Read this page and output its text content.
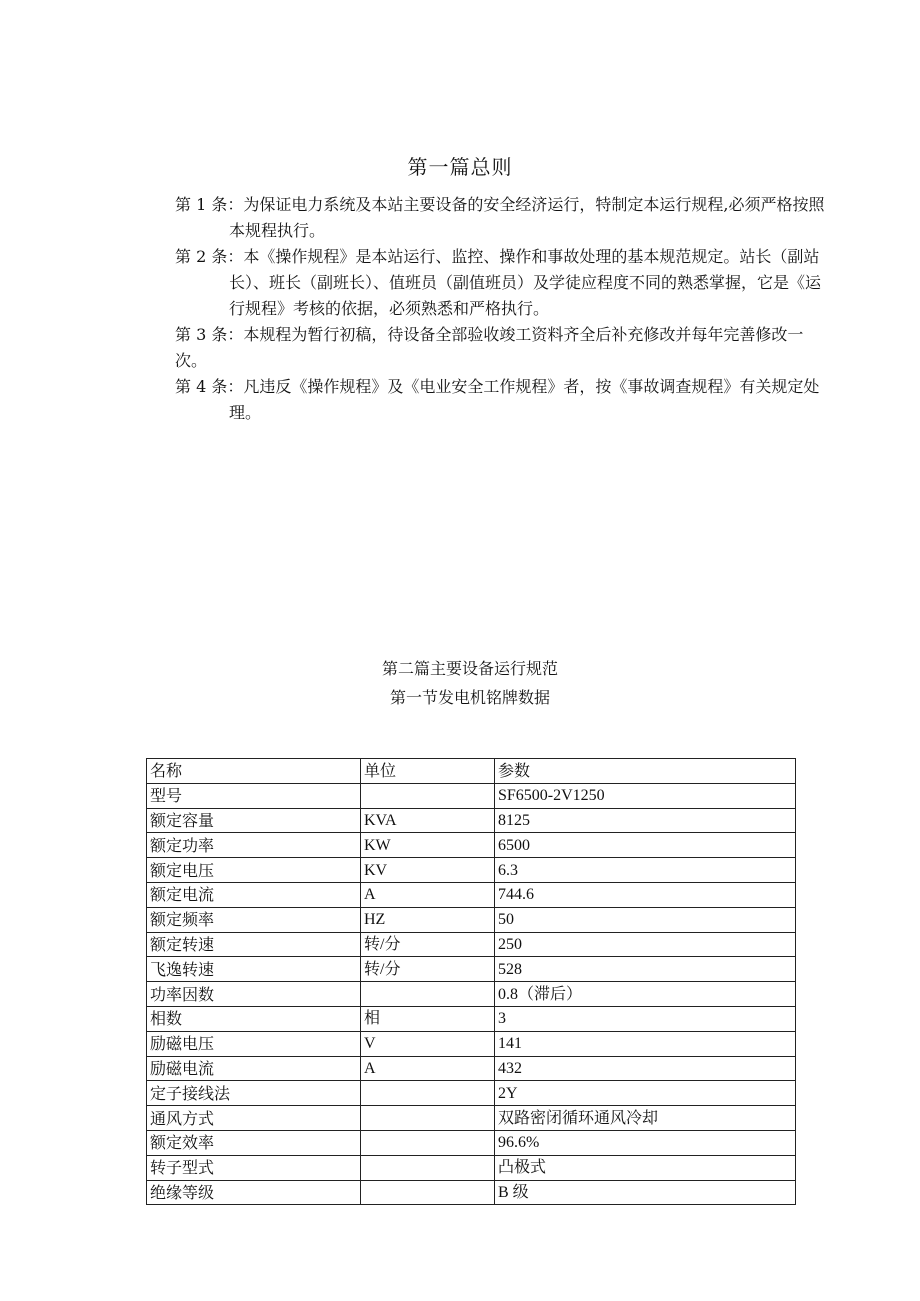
第一篇总则

第 1 条：为保证电力系统及本站主要设备的安全经济运行，特制定本运行规程,必须严格按照本规程执行。

第 2 条：本《操作规程》是本站运行、监控、操作和事故处理的基本规范规定。站长（副站长）、班长（副班长）、值班员（副值班员）及学徒应程度不同的熟悉掌握，它是《运行规程》考核的依据，必须熟悉和严格执行。

第 3 条：本规程为暂行初稿，待设备全部验收竣工资料齐全后补充修改并每年完善修改一次。

第 4 条：凡违反《操作规程》及《电业安全工作规程》者，按《事故调查规程》有关规定处理。

第二篇主要设备运行规范
第一节发电机铭牌数据
名称	单位	参数
型号		SF6500-2V1250
额定容量	KVA	8125
额定功率	KW	6500
额定电压	KV	6.3
额定电流	A	744.6
额定频率	HZ	50
额定转速	转/分	250
飞逸转速	转/分	528
功率因数		0.8（滞后）
相数	相	3
励磁电压	V	141
励磁电流	A	432
定子接线法		2Y
通风方式		双路密闭循环通风冷却
额定效率		96.6%
转子型式		凸极式
绝缘等级		B 级
